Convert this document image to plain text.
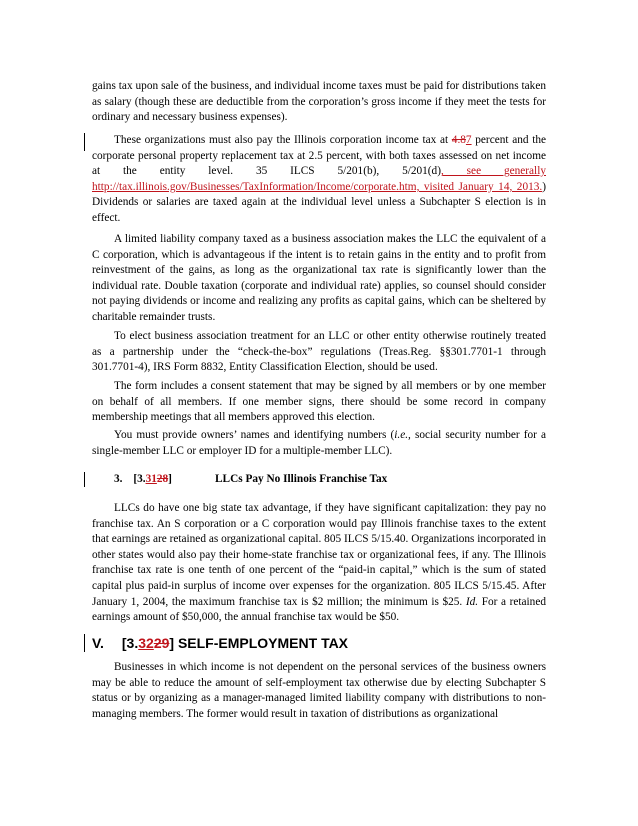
gains tax upon sale of the business, and individual income taxes must be paid for distributions taken as salary (though these are deductible from the corporation’s gross income if they meet the tests for ordinary and necessary business expenses).

These organizations must also pay the Illinois corporation income tax at 4.87 percent and the corporate personal property replacement tax at 2.5 percent, with both taxes assessed on net income at the entity level. 35 ILCS 5/201(b), 5/201(d), see generally http://tax.illinois.gov/Businesses/TaxInformation/Income/corporate.htm, visited January 14, 2013.) Dividends or salaries are taxed again at the individual level unless a Subchapter S election is in effect.

A limited liability company taxed as a business association makes the LLC the equivalent of a C corporation, which is advantageous if the intent is to retain gains in the entity and to profit from reinvestment of the gains, as long as the organizational tax rate is significantly lower than the individual rate. Double taxation (corporate and individual rate) applies, so counsel should consider not paying dividends or income and realizing any profits as capital gains, which can be sheltered by charitable remainder trusts.

To elect business association treatment for an LLC or other entity otherwise routinely treated as a partnership under the “check-the-box” regulations (Treas.Reg. §§301.7701-1 through 301.7701-4), IRS Form 8832, Entity Classification Election, should be used.

The form includes a consent statement that may be signed by all members or by one member on behalf of all members. If one member signs, there should be some record in company membership meetings that all members approved this election.

You must provide owners’ names and identifying numbers (i.e., social security number for a single-member LLC or employer ID for a multiple-member LLC).

3. [3.3128]	LLCs Pay No Illinois Franchise Tax

LLCs do have one big state tax advantage, if they have significant capitalization: they pay no franchise tax. An S corporation or a C corporation would pay Illinois franchise taxes to the extent that earnings are retained as organizational capital. 805 ILCS 5/15.40. Organizations incorporated in other states would also pay their home-state franchise tax or organizational fees, if any. The Illinois franchise tax rate is one tenth of one percent of the “paid-in capital,” which is the sum of stated capital plus paid-in surplus of income over expenses for the organization. 805 ILCS 5/15.45. After January 1, 2004, the maximum franchise tax is $2 million; the minimum is $25. Id. For a retained earnings amount of $50,000, the annual franchise tax would be $50.

V. [3.3229] SELF-EMPLOYMENT TAX

Businesses in which income is not dependent on the personal services of the business owners may be able to reduce the amount of self-employment tax otherwise due by electing Subchapter S status or by organizing as a manager-managed limited liability company with distributions to non-managing members. The former would result in taxation of distributions as organizational
